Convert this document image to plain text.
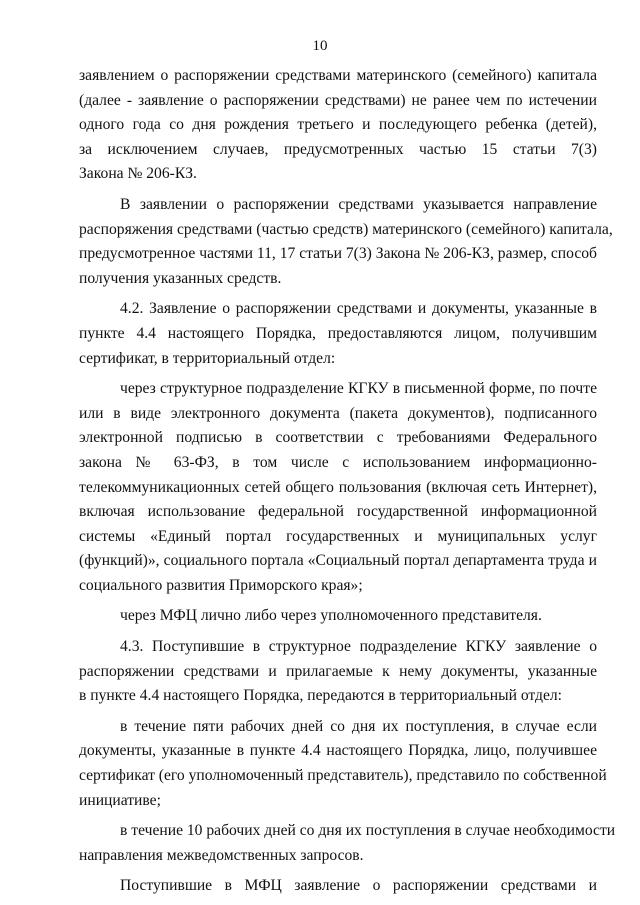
10
заявлением о распоряжении средствами материнского (семейного) капитала
(далее - заявление о распоряжении средствами) не ранее чем по истечении
одного года со дня рождения третьего и последующего ребенка (детей),
за исключением случаев, предусмотренных частью 15 статьи 7(3)
Закона № 206-КЗ.
В заявлении о распоряжении средствами указывается направление
распоряжения средствами (частью средств) материнского (семейного) капитала,
предусмотренное частями 11, 17 статьи 7(3) Закона № 206-КЗ, размер, способ
получения указанных средств.
4.2. Заявление о распоряжении средствами и документы, указанные в
пункте 4.4 настоящего Порядка, предоставляются лицом, получившим
сертификат, в территориальный отдел:
через структурное подразделение КГКУ в письменной форме, по почте
или в виде электронного документа (пакета документов), подписанного
электронной подписью в соответствии с требованиями Федерального
закона № 63-ФЗ, в том числе с использованием информационно-
телекоммуникационных сетей общего пользования (включая сеть Интернет),
включая использование федеральной государственной информационной
системы «Единый портал государственных и муниципальных услуг
(функций)», социального портала «Социальный портал департамента труда и
социального развития Приморского края»;
через МФЦ лично либо через уполномоченного представителя.
4.3. Поступившие в структурное подразделение КГКУ заявление о
распоряжении средствами и прилагаемые к нему документы, указанные
в пункте 4.4 настоящего Порядка, передаются в территориальный отдел:
в течение пяти рабочих дней со дня их поступления, в случае если
документы, указанные в пункте 4.4 настоящего Порядка, лицо, получившее
сертификат (его уполномоченный представитель), представило по собственной
инициативе;
в течение 10 рабочих дней со дня их поступления в случае необходимости
направления межведомственных запросов.
Поступившие в МФЦ заявление о распоряжении средствами и
